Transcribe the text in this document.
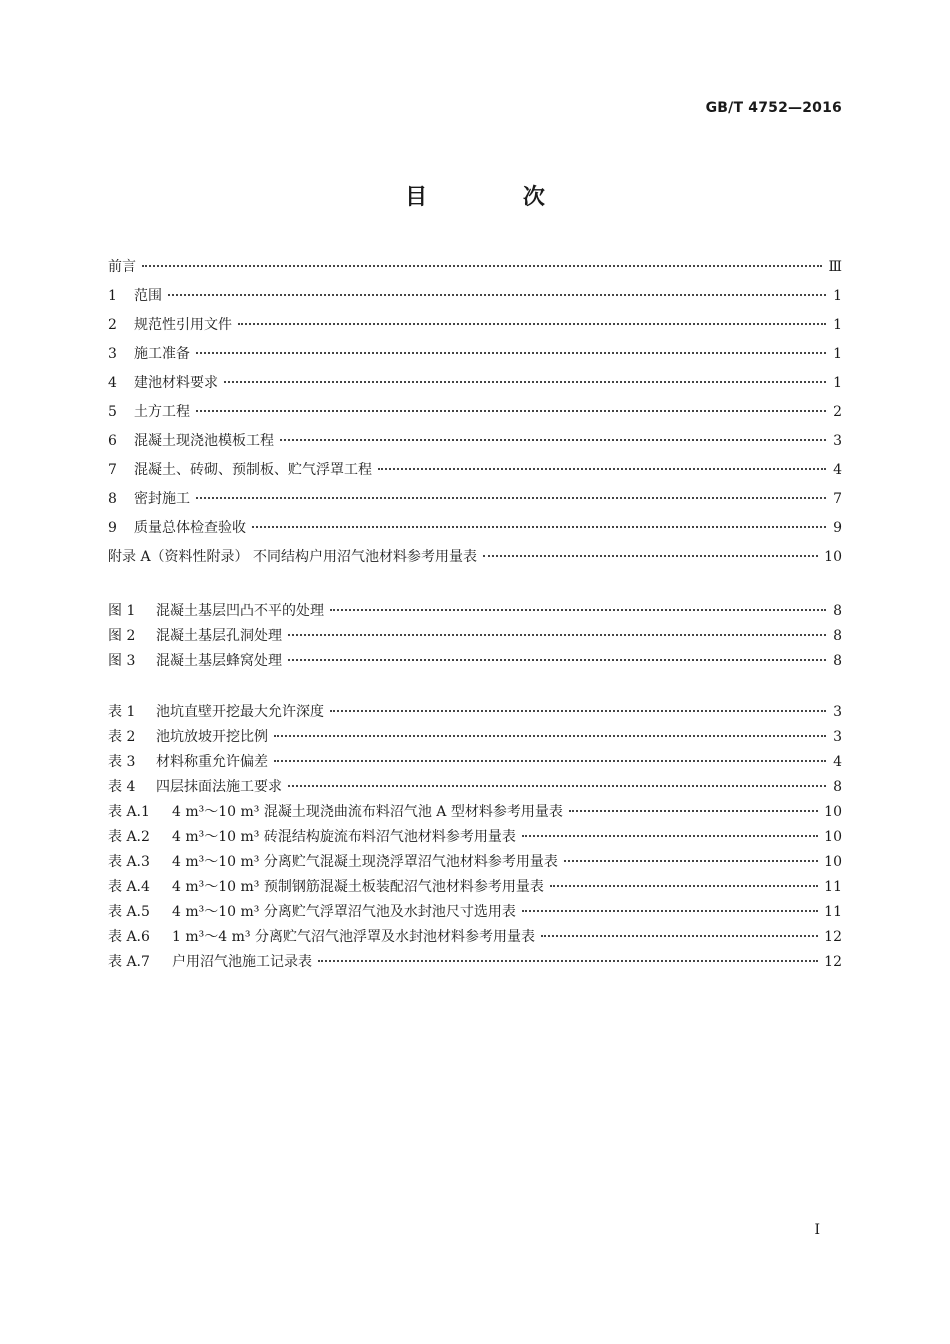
GB/T 4752—2016
目 次
前言	Ⅲ
1	范围	1
2	规范性引用文件	1
3	施工准备	1
4	建池材料要求	1
5	土方工程	2
6	混凝土现浇池模板工程	3
7	混凝土、砖砌、预制板、贮气浮罩工程	4
8	密封施工	7
9	质量总体检查验收	9
附录 A（资料性附录） 不同结构户用沼气池材料参考用量表	10
图 1	混凝土基层凹凸不平的处理	8
图 2	混凝土基层孔洞处理	8
图 3	混凝土基层蜂窝处理	8
表 1	池坑直壁开挖最大允许深度	3
表 2	池坑放坡开挖比例	3
表 3	材料称重允许偏差	4
表 4	四层抹面法施工要求	8
表 A.1	4 m³～10 m³ 混凝土现浇曲流布料沼气池 A 型材料参考用量表	10
表 A.2	4 m³～10 m³ 砖混结构旋流布料沼气池材料参考用量表	10
表 A.3	4 m³～10 m³ 分离贮气混凝土现浇浮罩沼气池材料参考用量表	10
表 A.4	4 m³～10 m³ 预制钢筋混凝土板装配沼气池材料参考用量表	11
表 A.5	4 m³～10 m³ 分离贮气浮罩沼气池及水封池尺寸选用表	11
表 A.6	1 m³～4 m³ 分离贮气沼气池浮罩及水封池材料参考用量表	12
表 A.7	户用沼气池施工记录表	12
Ⅰ
